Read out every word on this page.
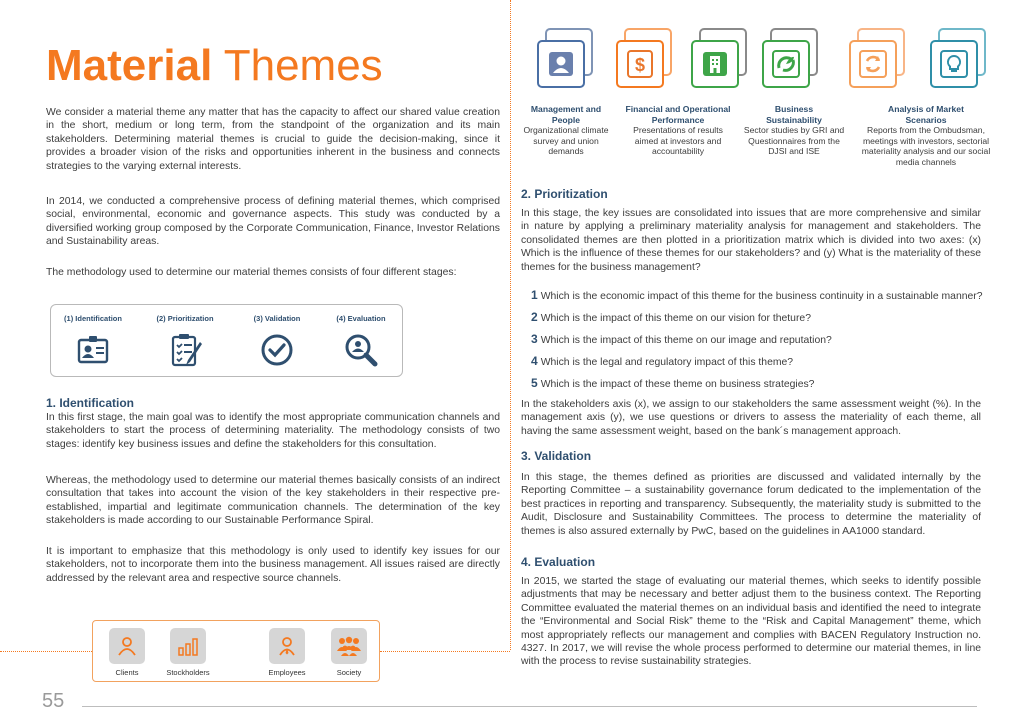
Material Themes

We consider a material theme any matter that has the capacity to affect our shared value creation in the short, medium or long term, from the standpoint of the organization and its main stakeholders. Determining material themes is crucial to guide the decision-making, since it provides a broader vision of the risks and opportunities inherent in the business and connects strategies to the varying external interests.

In 2014, we conducted a comprehensive process of defining material themes, which comprised social, environmental, economic and governance aspects. This study was conducted by a diversified working group composed by the Corporate Communication, Finance, Investor Relations and Sustainability areas.

The methodology used to determine our material themes consists of four different stages:

(1) Identification	(2) Prioritization	(3) Validation	(4) Evaluation
1. Identification

In this first stage, the main goal was to identify the most appropriate communication channels and stakeholders to start the process of determining materiality. The methodology consists of two stages: identify key business issues and define the stakeholders for this consultation.

Whereas, the methodology used to determine our material themes basically consists of an indirect consultation that takes into account the vision of the key stakeholders in their respective pre-established, impartial and legitimate communication channels. The determination of the key stakeholders is made according to our Sustainable Performance Spiral.

It is important to emphasize that this methodology is only used to identify key issues for our stakeholders, not to incorporate them into the business management. All issues raised are directly addressed by the relevant area and respective source channels.

Clients	Stockholders	Employees	Society
55
$
Management and People
Organizational climate survey and union demands
Financial and Operational Performance
Presentations of results aimed at investors and accountability
Business Sustainability
Sector studies by GRI and Questionnaires from the DJSI and ISE
Analysis of Market Scenarios
Reports from the Ombudsman, meetings with investors, sectorial materiality analysis and our social media channels
2. Prioritization

In this stage, the key issues are consolidated into issues that are more comprehensive and similar in nature by applying a preliminary materiality analysis for management and stakeholders. The consolidated themes are then plotted in a prioritization matrix which is divided into two axes: (x) Which is the influence of these themes for our stakeholders? and (y) What is the materiality of these themes for the business management?

1 Which is the economic impact of this theme for the business continuity in a sustainable manner?
2 Which is the impact of this theme on our vision for theture?
3 Which is the impact of this theme on our image and reputation?
4 Which is the legal and regulatory impact of this theme?
5 Which is the impact of these theme on business strategies?

In the stakeholders axis (x), we assign to our stakeholders the same assessment weight (%). In the management axis (y), we use questions or drivers to assess the materiality of each theme, all having the same assessment weight, based on the bank´s management approach.

3. Validation

In this stage, the themes defined as priorities are discussed and validated internally by the Reporting Committee – a sustainability governance forum dedicated to the implementation of the best practices in reporting and transparency. Subsequently, the materiality study is submitted to the Audit, Disclosure and Sustainability Committees. The process to determine the materiality of themes is also assured externally by PwC, based on the guidelines in AA1000 standard.

4. Evaluation

In 2015, we started the stage of evaluating our material themes, which seeks to identify possible adjustments that may be necessary and better adjust them to the business context. The Reporting Committee evaluated the material themes on an individual basis and identified the need to integrate the “Environmental and Social Risk” theme to the “Risk and Capital Management” theme, which most appropriately reflects our management and complies with BACEN Regulatory Instruction no. 4327. In 2017, we will revise the whole process performed to determine our material themes, in line with the process to revise sustainability strategies.
